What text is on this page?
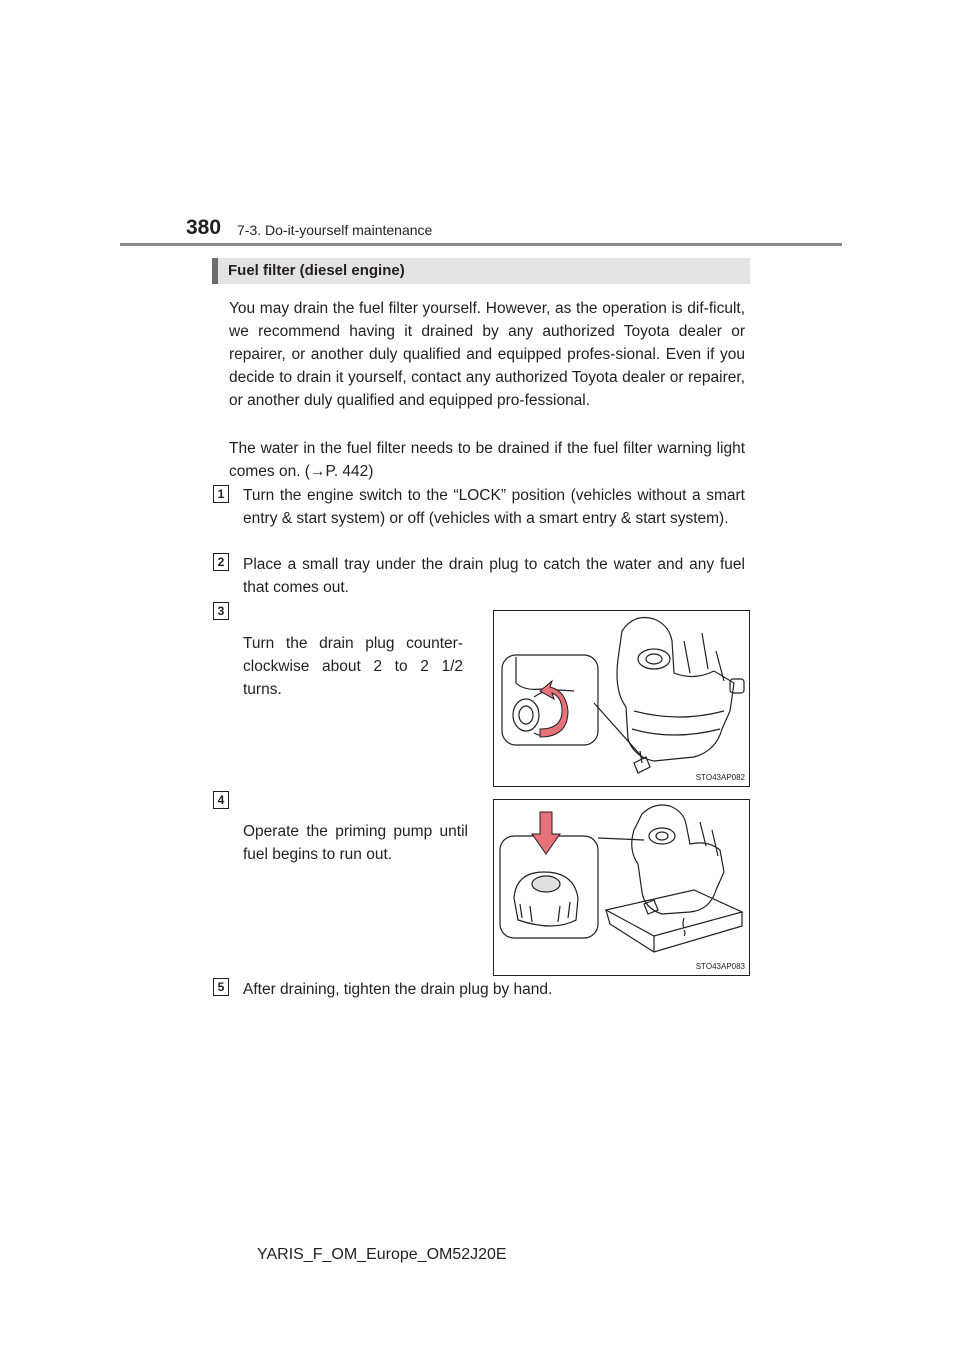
380 7-3. Do-it-yourself maintenance
Fuel filter (diesel engine)

You may drain the fuel filter yourself. However, as the operation is dif-ficult, we recommend having it drained by any authorized Toyota dealer or repairer, or another duly qualified and equipped profes-sional. Even if you decide to drain it yourself, contact any authorized Toyota dealer or repairer, or another duly qualified and equipped pro-fessional.

The water in the fuel filter needs to be drained if the fuel filter warning light comes on. (→P. 442)

1	Turn the engine switch to the “LOCK” position (vehicles without a smart entry & start system) or off (vehicles with a smart entry & start system).

2	Place a small tray under the drain plug to catch the water and any fuel that comes out.

3

Turn the drain plug counter-clockwise about 2 to 2 1/2 turns.

STO43AP082
4

Operate the priming pump until fuel begins to run out.

STO43AP083
5	After draining, tighten the drain plug by hand.

YARIS_F_OM_Europe_OM52J20E
